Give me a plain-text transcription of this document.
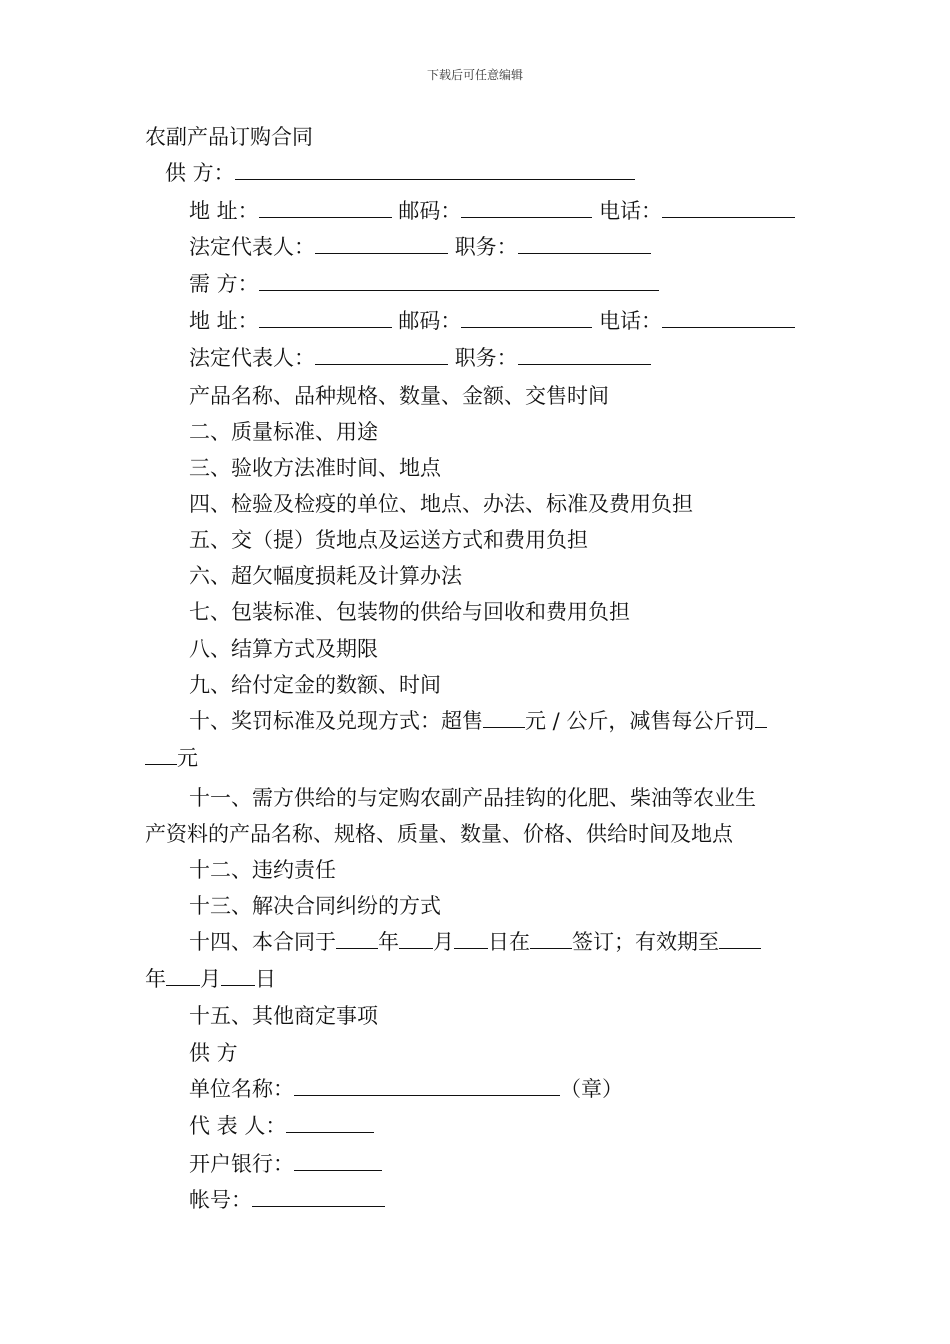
下载后可任意编辑
农副产品订购合同
供 方：
地 址：	邮码：	电话：
法定代表人：	职务：
需 方：
地 址：	邮码：	电话：
法定代表人：	职务：
产品名称、品种规格、数量、金额、交售时间
二、质量标准、用途
三、验收方法准时间、地点
四、检验及检疫的单位、地点、办法、标准及费用负担
五、交（提）货地点及运送方式和费用负担
六、超欠幅度损耗及计算办法
七、包装标准、包装物的供给与回收和费用负担
八、结算方式及期限
九、给付定金的数额、时间
十、奖罚标准及兑现方式：超售 元 / 公斤，减售每公斤罚
元
十一、需方供给的与定购农副产品挂钩的化肥、柴油等农业生
产资料的产品名称、规格、质量、数量、价格、供给时间及地点
十二、违约责任
十三、解决合同纠纷的方式
十四、本合同于 年 月 日在 签订；有效期至
年 月 日
十五、其他商定事项
供 方
单位名称：	（章）
代 表 人：
开户银行：
帐号：
